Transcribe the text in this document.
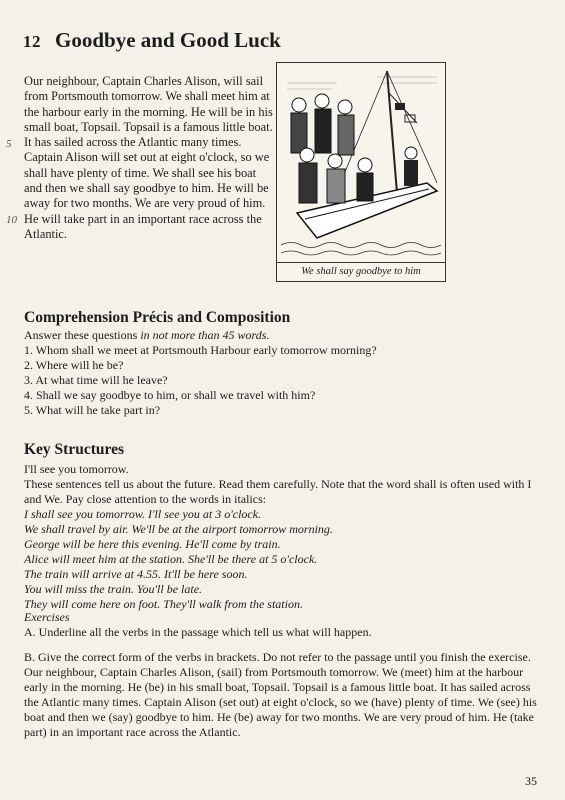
12 Goodbye and Good Luck

Our neighbour, Captain Charles Alison, will sail from Portsmouth tomorrow. We shall meet him at the harbour early in the morning. He will be in his small boat, Topsail. Topsail is a famous little boat. It has sailed across the Atlantic many times. Captain Alison will set out at eight o'clock, so we shall have plenty of time. We shall see his boat and then we shall say goodbye to him. He will be away for two months. We are very proud of him. He will take part in an important race across the Atlantic.

5
10
We shall say goodbye to him
Comprehension Précis and Composition

Answer these questions in not more than 45 words.

1. Whom shall we meet at Portsmouth Harbour early tomorrow morning?
2. Where will he be?
3. At what time will he leave?
4. Shall we say goodbye to him, or shall we travel with him?
5. What will he take part in?
Key Structures

I'll see you tomorrow.

These sentences tell us about the future. Read them carefully. Note that the word shall is often used with I and We. Pay close attention to the words in italics:

I shall see you tomorrow. I'll see you at 3 o'clock.

We shall travel by air. We'll be at the airport tomorrow morning.

George will be here this evening. He'll come by train.

Alice will meet him at the station. She'll be there at 5 o'clock.

The train will arrive at 4.55. It'll be here soon.

You will miss the train. You'll be late.

They will come here on foot. They'll walk from the station.

Exercises

A. Underline all the verbs in the passage which tell us what will happen.

B. Give the correct form of the verbs in brackets. Do not refer to the passage until you finish the exercise.

Our neighbour, Captain Charles Alison, (sail) from Portsmouth tomorrow. We (meet) him at the harbour early in the morning. He (be) in his small boat, Topsail. Topsail is a famous little boat. It has sailed across the Atlantic many times. Captain Alison (set out) at eight o'clock, so we (have) plenty of time. We (see) his boat and then we (say) goodbye to him. He (be) away for two months. We are very proud of him. He (take part) in an important race across the Atlantic.

35
